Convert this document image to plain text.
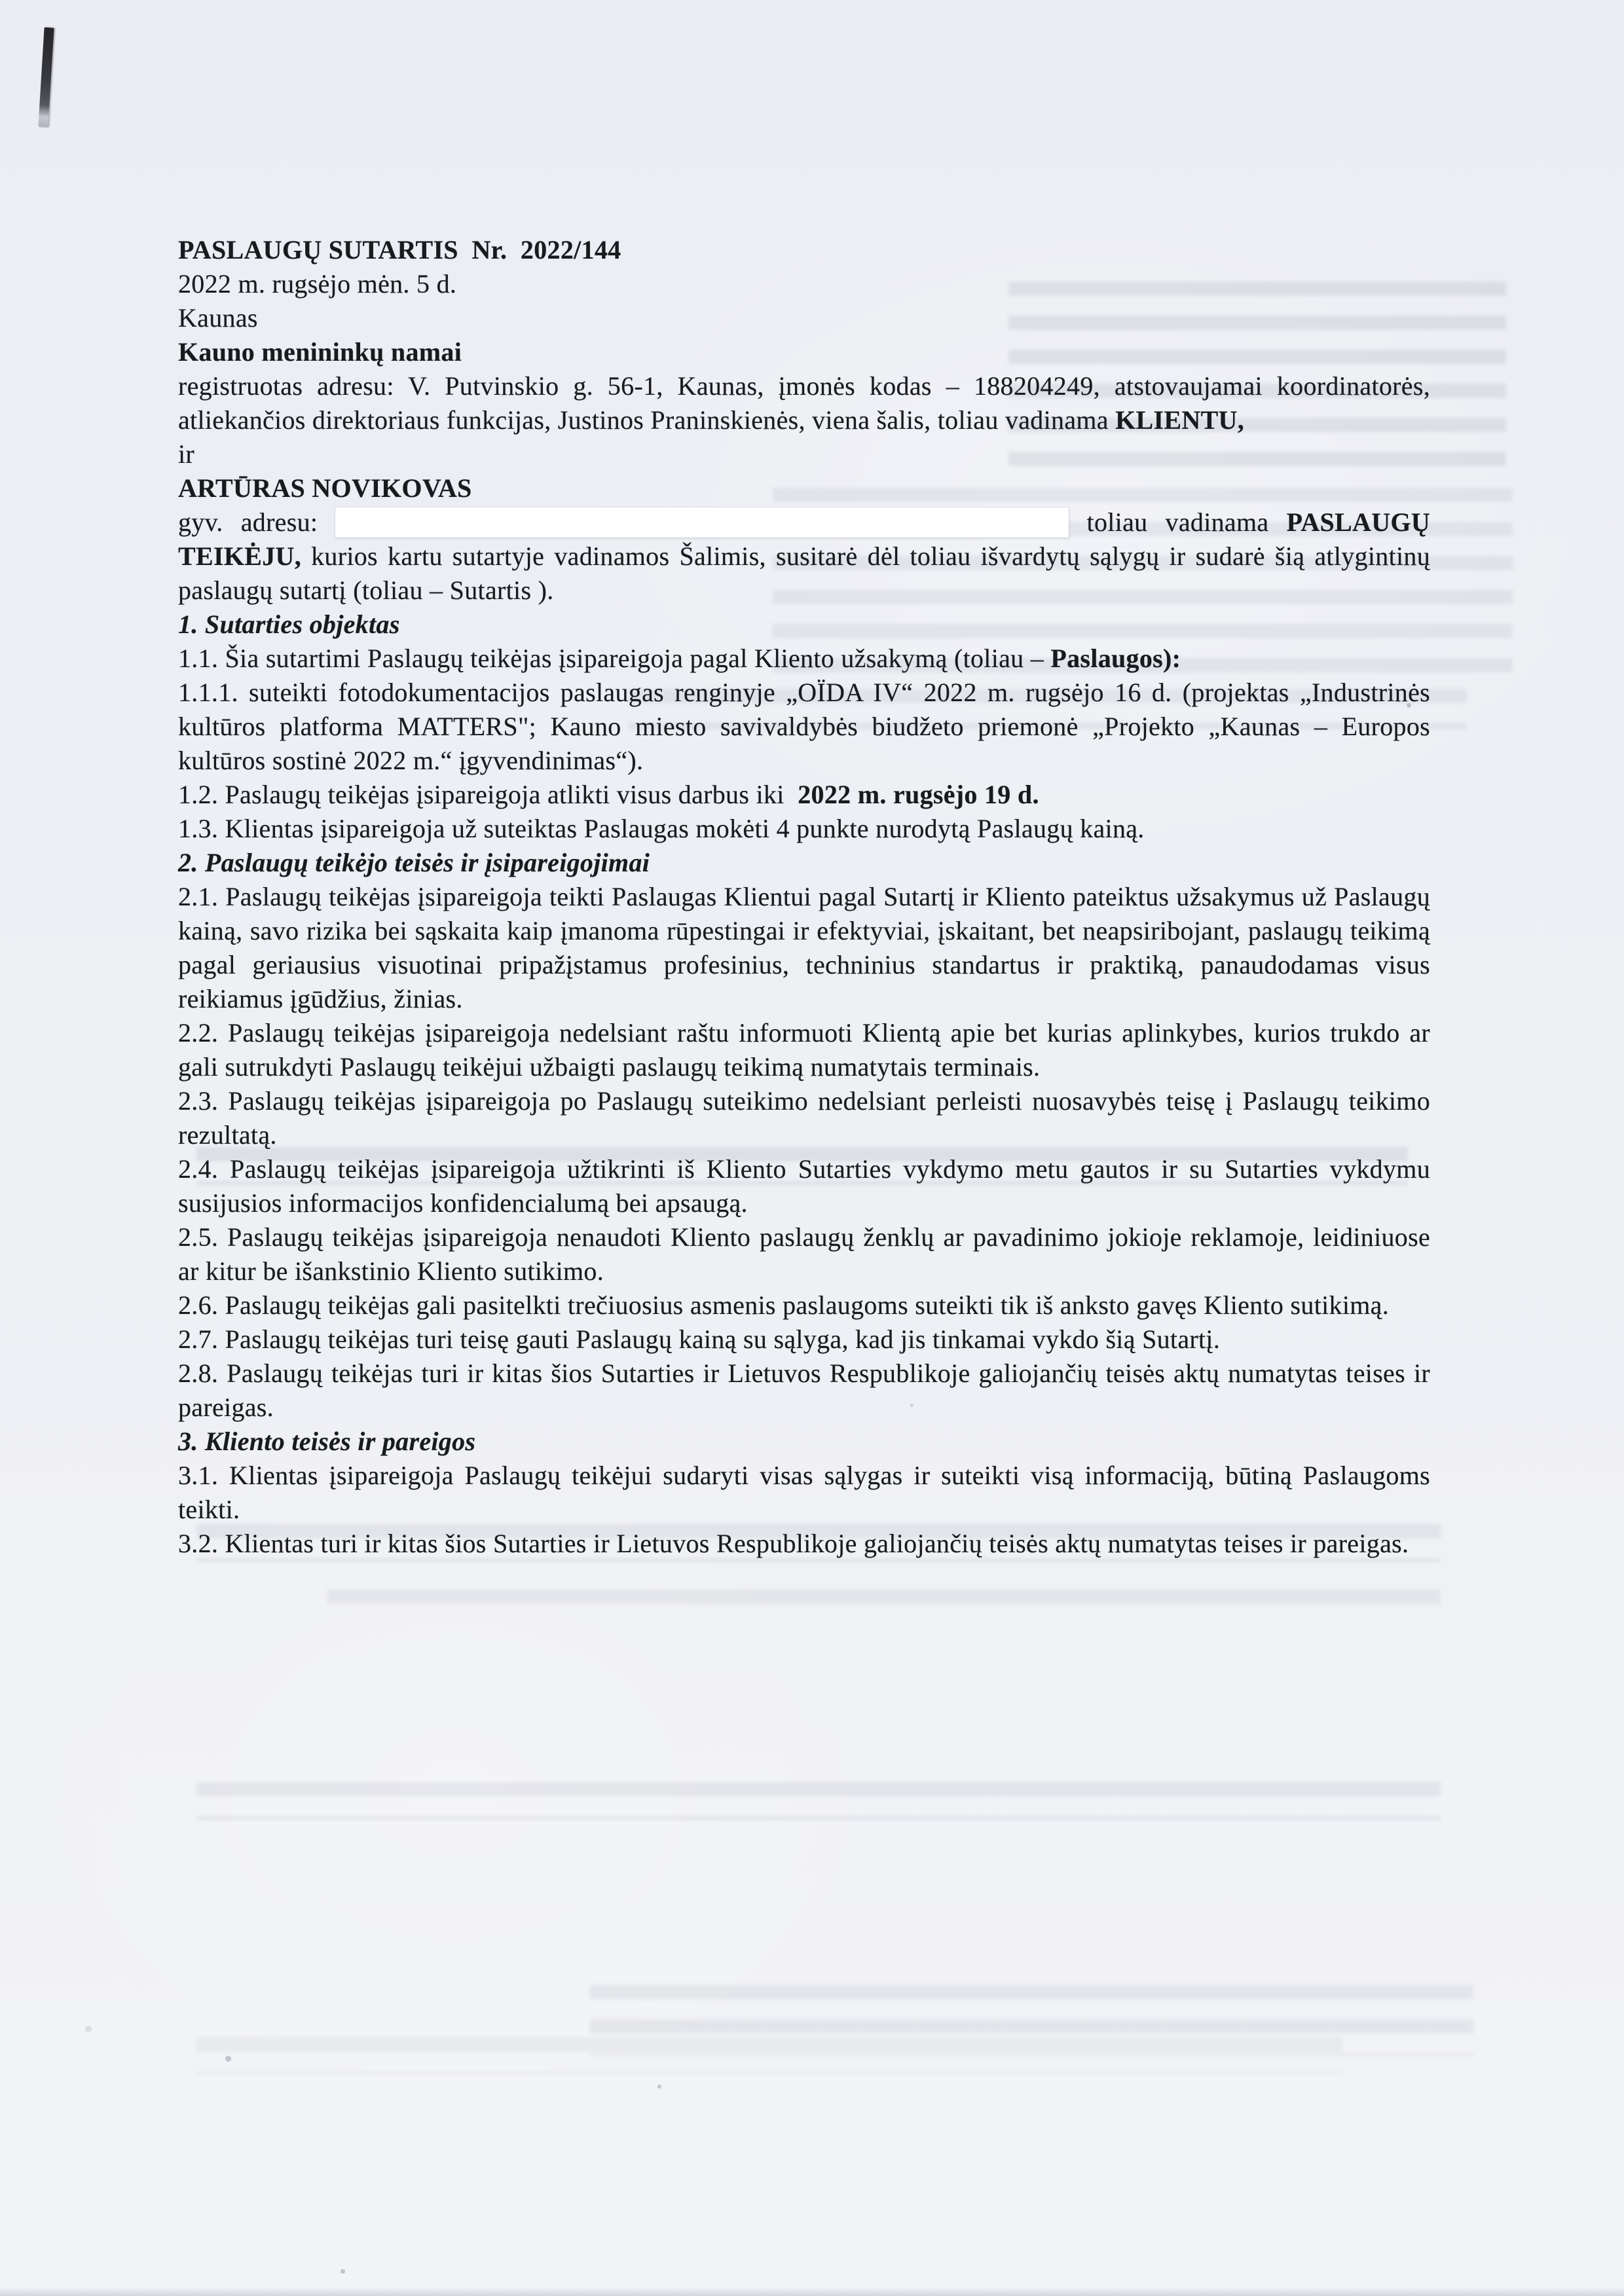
PASLAUGŲ SUTARTIS  Nr.  2022/144

2022 m. rugsėjo mėn. 5 d.

Kaunas

Kauno menininkų namai

registruotas adresu: V. Putvinskio g. 56-1, Kaunas, įmonės kodas – 188204249, atstovaujamai koordinatorės, atliekančios direktoriaus funkcijas, Justinos Praninskienės, viena šalis, toliau vadinama KLIENTU,

ir

ARTŪRAS NOVIKOVAS

gyv. adresu:	toliau vadinama PASLAUGŲ TEIKĖJU, kurios kartu sutartyje vadinamos Šalimis, susitarė dėl toliau išvardytų sąlygų ir sudarė šią atlygintinų paslaugų sutartį (toliau – Sutartis ).

1. Sutarties objektas

1.1. Šia sutartimi Paslaugų teikėjas įsipareigoja pagal Kliento užsakymą (toliau – Paslaugos):

1.1.1. suteikti fotodokumentacijos paslaugas renginyje „OÏDA IV“ 2022 m. rugsėjo 16 d. (projektas „Industrinės kultūros platforma MATTERS"; Kauno miesto savivaldybės biudžeto priemonė „Projekto „Kaunas – Europos kultūros sostinė 2022 m.“ įgyvendinimas“).

1.2. Paslaugų teikėjas įsipareigoja atlikti visus darbus iki  2022 m. rugsėjo 19 d.

1.3. Klientas įsipareigoja už suteiktas Paslaugas mokėti 4 punkte nurodytą Paslaugų kainą.

2. Paslaugų teikėjo teisės ir įsipareigojimai

2.1. Paslaugų teikėjas įsipareigoja teikti Paslaugas Klientui pagal Sutartį ir Kliento pateiktus užsakymus už Paslaugų kainą, savo rizika bei sąskaita kaip įmanoma rūpestingai ir efektyviai, įskaitant, bet neapsiribojant, paslaugų teikimą pagal geriausius visuotinai pripažįstamus profesinius, techninius standartus ir praktiką, panaudodamas visus reikiamus įgūdžius, žinias.

2.2. Paslaugų teikėjas įsipareigoja nedelsiant raštu informuoti Klientą apie bet kurias aplinkybes, kurios trukdo ar gali sutrukdyti Paslaugų teikėjui užbaigti paslaugų teikimą numatytais terminais.

2.3. Paslaugų teikėjas įsipareigoja po Paslaugų suteikimo nedelsiant perleisti nuosavybės teisę į Paslaugų teikimo rezultatą.

2.4. Paslaugų teikėjas įsipareigoja užtikrinti iš Kliento Sutarties vykdymo metu gautos ir su Sutarties vykdymu susijusios informacijos konfidencialumą bei apsaugą.

2.5. Paslaugų teikėjas įsipareigoja nenaudoti Kliento paslaugų ženklų ar pavadinimo jokioje reklamoje, leidiniuose ar kitur be išankstinio Kliento sutikimo.

2.6. Paslaugų teikėjas gali pasitelkti trečiuosius asmenis paslaugoms suteikti tik iš anksto gavęs Kliento sutikimą.

2.7. Paslaugų teikėjas turi teisę gauti Paslaugų kainą su sąlyga, kad jis tinkamai vykdo šią Sutartį.

2.8. Paslaugų teikėjas turi ir kitas šios Sutarties ir Lietuvos Respublikoje galiojančių teisės aktų numatytas teises ir pareigas.

3. Kliento teisės ir pareigos

3.1. Klientas įsipareigoja Paslaugų teikėjui sudaryti visas sąlygas ir suteikti visą informaciją, būtiną Paslaugoms teikti.

3.2. Klientas turi ir kitas šios Sutarties ir Lietuvos Respublikoje galiojančių teisės aktų numatytas teises ir pareigas.
